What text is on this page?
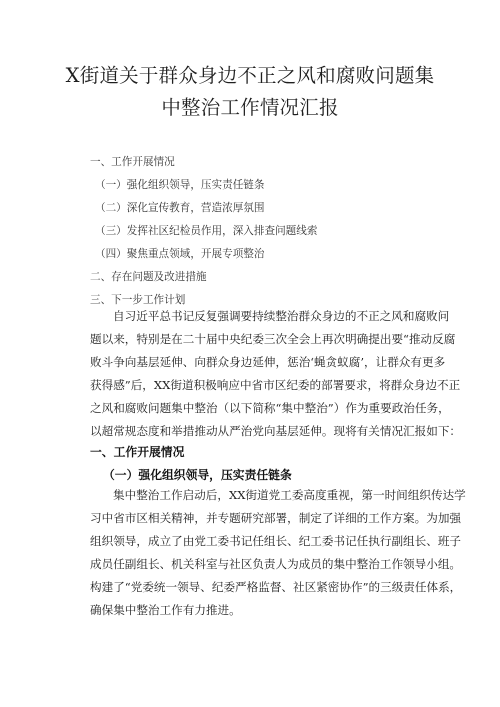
X街道关于群众身边不正之风和腐败问题集
中整治工作情况汇报
一、工作开展情况
（一）强化组织领导，压实责任链条
（二）深化宣传教育，营造浓厚氛围
（三）发挥社区纪检员作用，深入排查问题线索
（四）聚焦重点领域，开展专项整治
二、存在问题及改进措施
三、下一步工作计划
自习近平总书记反复强调要持续整治群众身边的不正之风和腐败问
题以来，特别是在二十届中央纪委三次全会上再次明确提出要“推动反腐
败斗争向基层延伸、向群众身边延伸，惩治‘蝇贪蚁腐’，让群众有更多
获得感”后，XX街道积极响应中省市区纪委的部署要求，将群众身边不正
之风和腐败问题集中整治（以下简称“集中整治”）作为重要政治任务，
以超常规态度和举措推动从严治党向基层延伸。现将有关情况汇报如下：
一、工作开展情况
（一）强化组织领导，压实责任链条
集中整治工作启动后，XX街道党工委高度重视，第一时间组织传达学
习中省市区相关精神，并专题研究部署，制定了详细的工作方案。为加强
组织领导，成立了由党工委书记任组长、纪工委书记任执行副组长、班子
成员任副组长、机关科室与社区负责人为成员的集中整治工作领导小组。
构建了“党委统一领导、纪委严格监督、社区紧密协作”的三级责任体系，
确保集中整治工作有力推进。
